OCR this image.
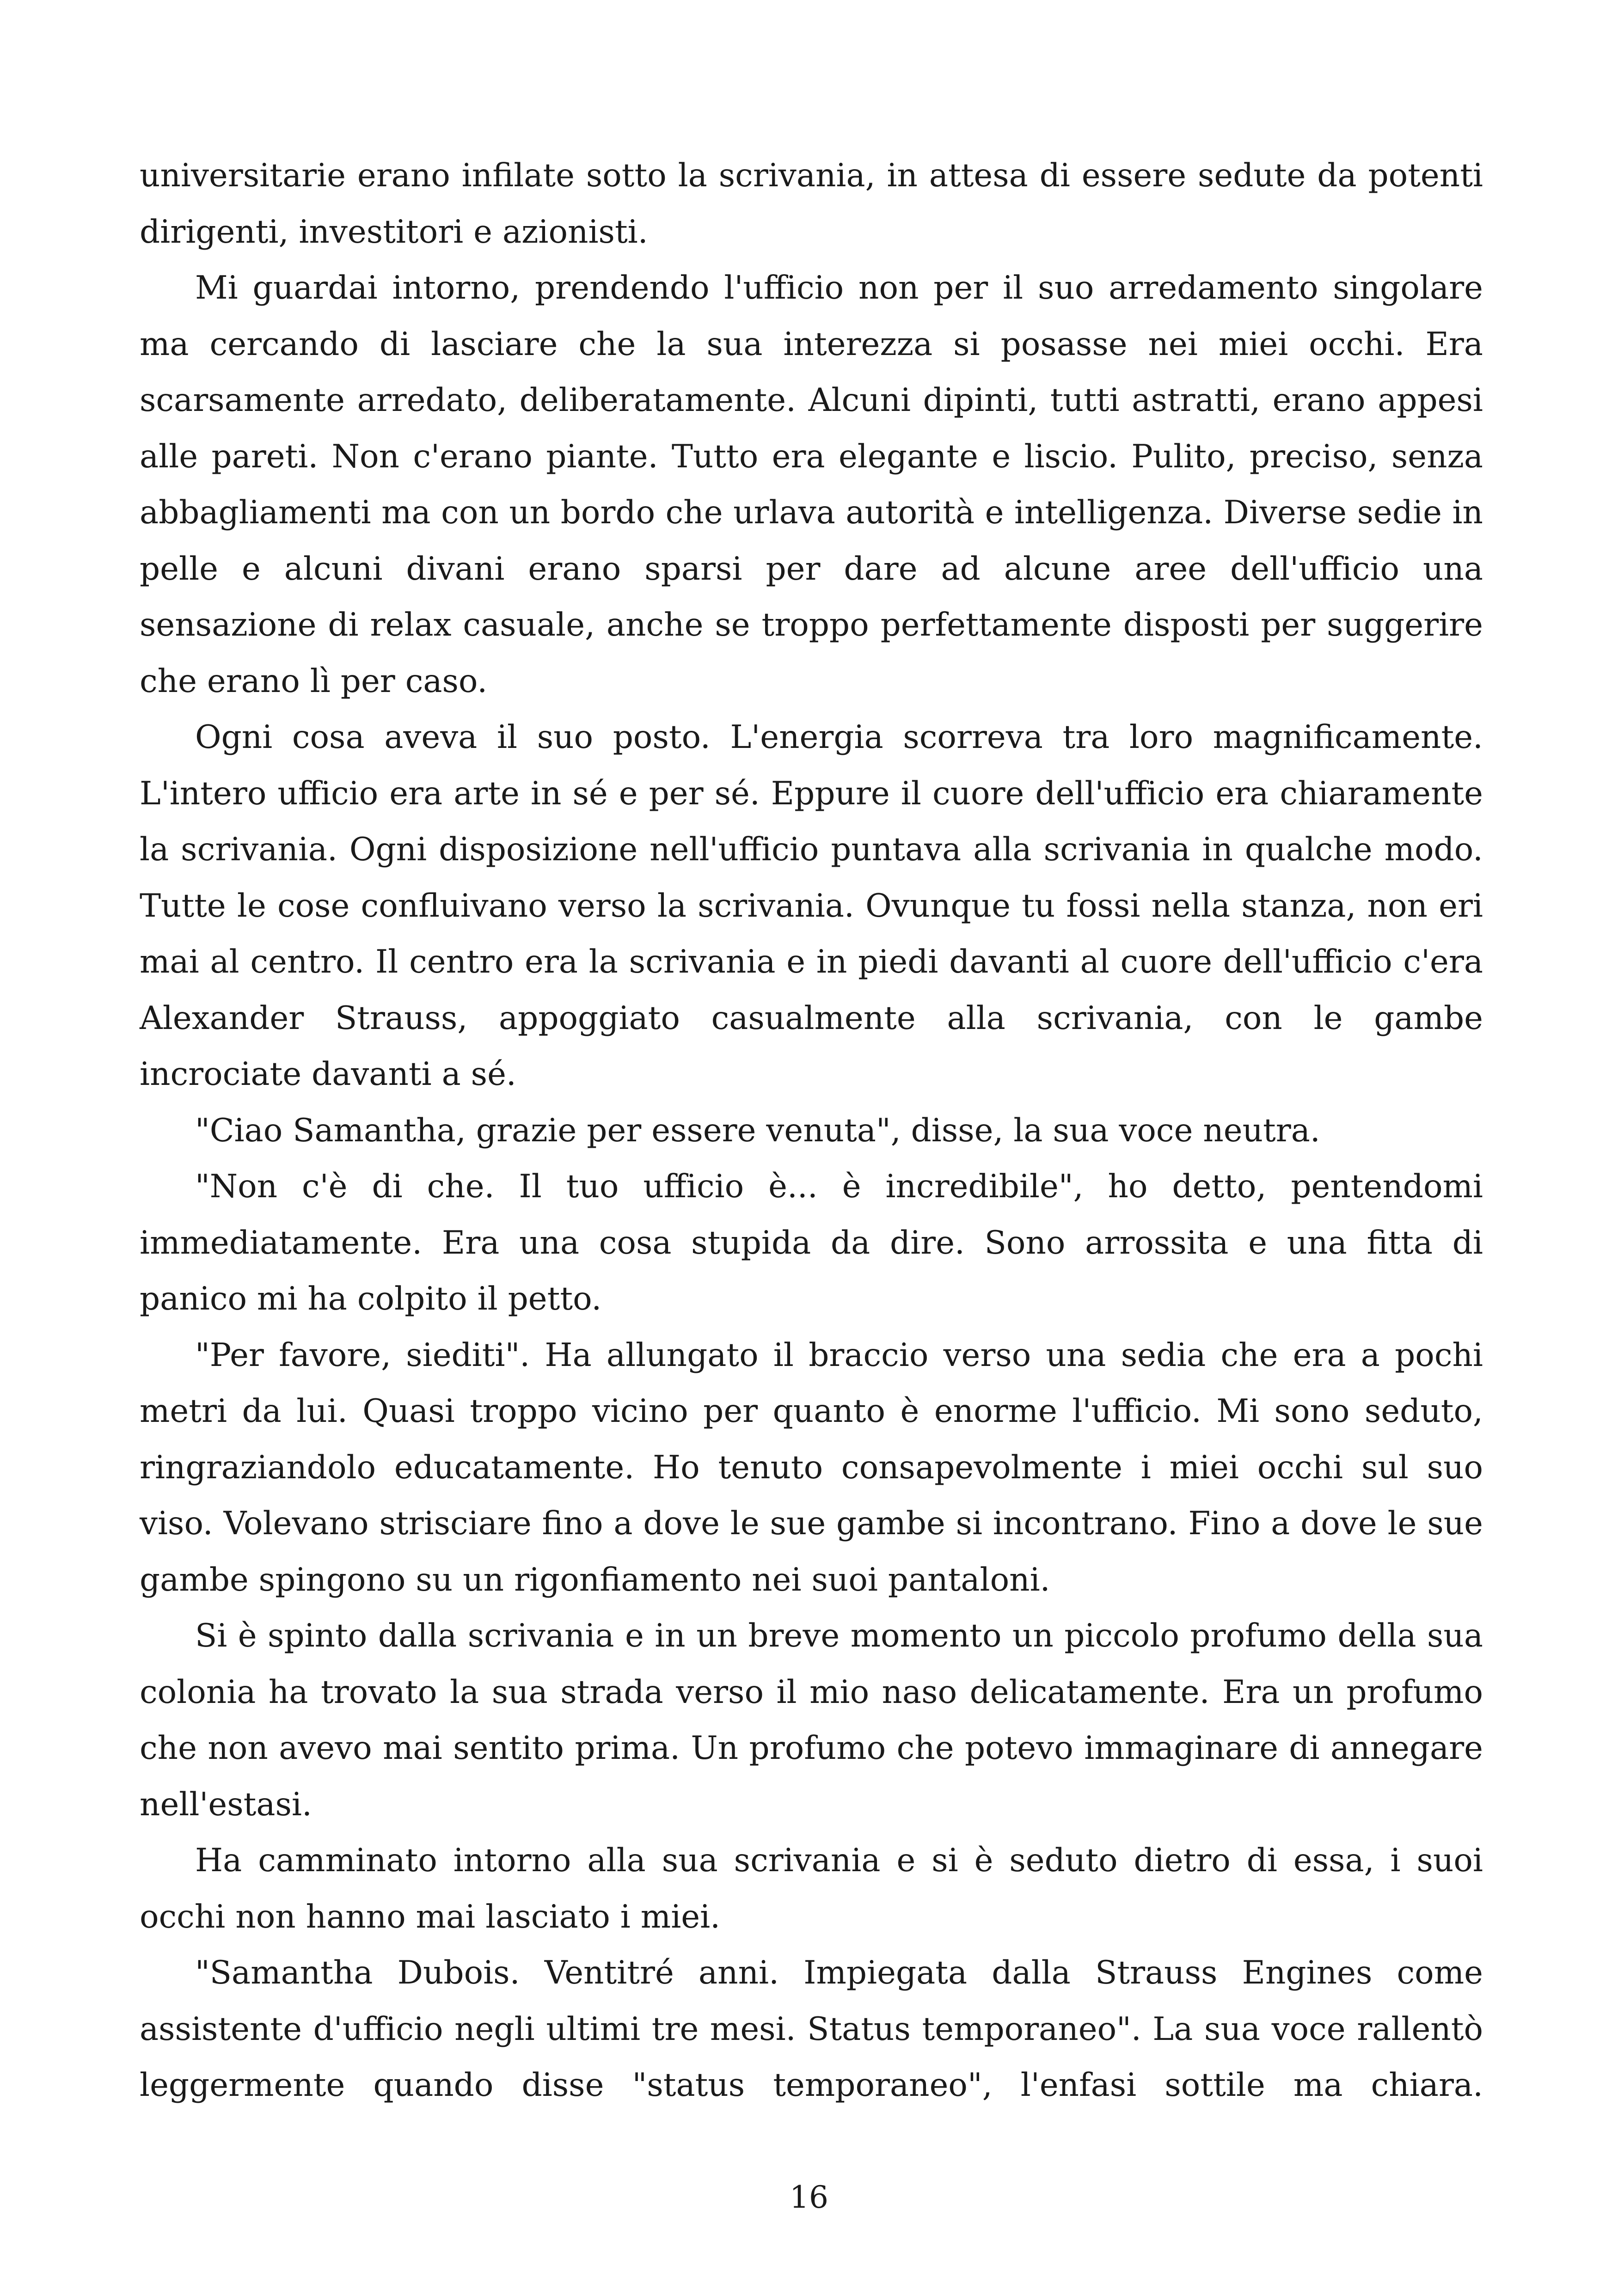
universitarie erano infilate sotto la scrivania, in attesa di essere sedute da potenti dirigenti, investitori e azionisti.

Mi guardai intorno, prendendo l'ufficio non per il suo arredamento singolare ma cercando di lasciare che la sua interezza si posasse nei miei occhi. Era scarsamente arredato, deliberatamente. Alcuni dipinti, tutti astratti, erano appesi alle pareti. Non c'erano piante. Tutto era elegante e liscio. Pulito, preciso, senza abbagliamenti ma con un bordo che urlava autorità e intelligenza. Diverse sedie in pelle e alcuni divani erano sparsi per dare ad alcune aree dell'ufficio una sensazione di relax casuale, anche se troppo perfettamente disposti per suggerire che erano lì per caso.

Ogni cosa aveva il suo posto. L'energia scorreva tra loro magnificamente. L'intero ufficio era arte in sé e per sé. Eppure il cuore dell'ufficio era chiaramente la scrivania. Ogni disposizione nell'ufficio puntava alla scrivania in qualche modo. Tutte le cose confluivano verso la scrivania. Ovunque tu fossi nella stanza, non eri mai al centro. Il centro era la scrivania e in piedi davanti al cuore dell'ufficio c'era Alexander Strauss, appoggiato casualmente alla scrivania, con le gambe incrociate davanti a sé.

"Ciao Samantha, grazie per essere venuta", disse, la sua voce neutra.

"Non c'è di che. Il tuo ufficio è... è incredibile", ho detto, pentendomi immediatamente. Era una cosa stupida da dire. Sono arrossita e una fitta di panico mi ha colpito il petto.

"Per favore, siediti". Ha allungato il braccio verso una sedia che era a pochi metri da lui. Quasi troppo vicino per quanto è enorme l'ufficio. Mi sono seduto, ringraziandolo educatamente. Ho tenuto consapevolmente i miei occhi sul suo viso. Volevano strisciare fino a dove le sue gambe si incontrano. Fino a dove le sue gambe spingono su un rigonfiamento nei suoi pantaloni.

Si è spinto dalla scrivania e in un breve momento un piccolo profumo della sua colonia ha trovato la sua strada verso il mio naso delicatamente. Era un profumo che non avevo mai sentito prima. Un profumo che potevo immaginare di annegare nell'estasi.

Ha camminato intorno alla sua scrivania e si è seduto dietro di essa, i suoi occhi non hanno mai lasciato i miei.

"Samantha Dubois. Ventitré anni. Impiegata dalla Strauss Engines come assistente d'ufficio negli ultimi tre mesi. Status temporaneo". La sua voce rallentò leggermente quando disse "status temporaneo", l'enfasi sottile ma chiara.

16
